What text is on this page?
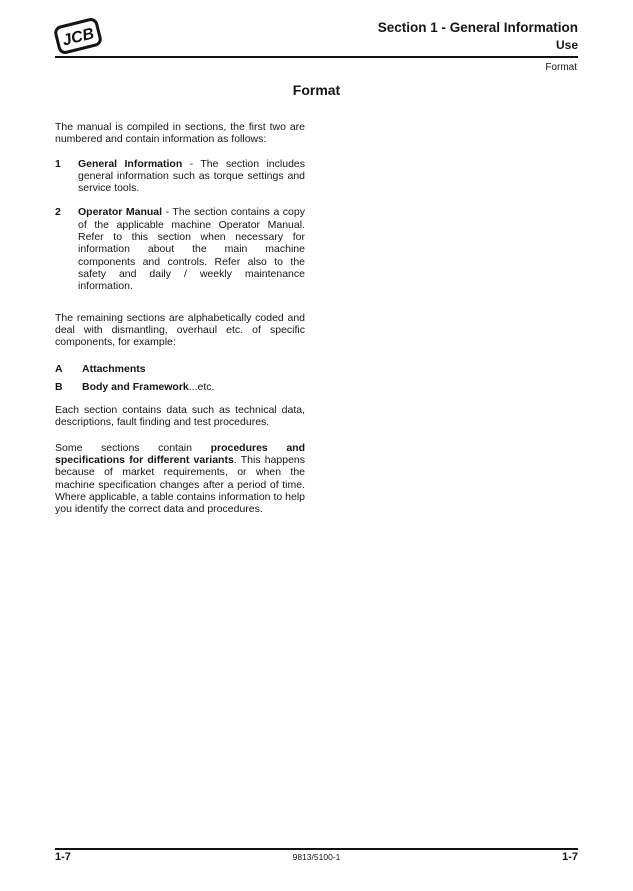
JCB	Section 1 - General Information
Use
Format
Format

The manual is compiled in sections, the first two are numbered and contain information as follows:

1	General Information - The section includes general information such as torque settings and service tools.
2	Operator Manual - The section contains a copy of the applicable machine Operator Manual. Refer to this section when necessary for information about the main machine components and controls. Refer also to the safety and daily / weekly maintenance information.

The remaining sections are alphabetically coded and deal with dismantling, overhaul etc. of specific components, for example:

A	Attachments
B	Body and Framework...etc.

Each section contains data such as technical data, descriptions, fault finding and test procedures.

Some sections contain procedures and specifications for different variants. This happens because of market requirements, or when the machine specification changes after a period of time. Where applicable, a table contains information to help you identify the correct data and procedures.

1-7	9813/5100-1	1-7
